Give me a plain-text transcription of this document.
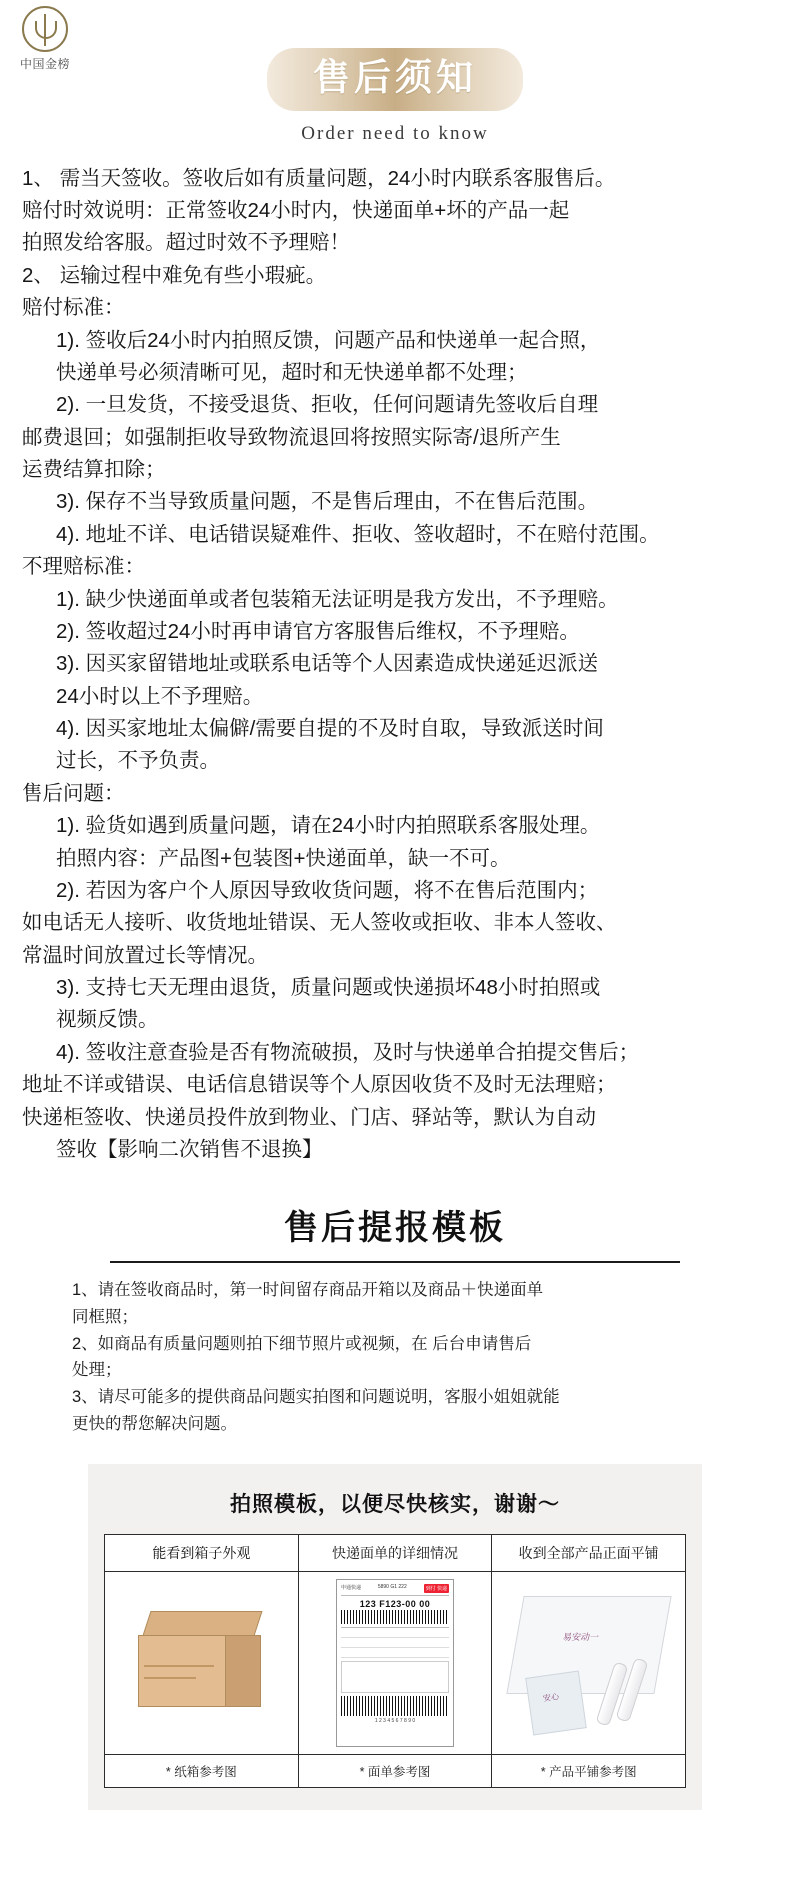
中国金榜	售后须知
Order need to know

1、 需当天签收。签收后如有质量问题，24小时内联系客服售后。

赔付时效说明：正常签收24小时内，快递面单+坏的产品一起

拍照发给客服。超过时效不予理赔！

2、 运输过程中难免有些小瑕疵。

赔付标准：

1). 签收后24小时内拍照反馈，问题产品和快递单一起合照，

快递单号必须清晰可见，超时和无快递单都不处理；

2). 一旦发货，不接受退货、拒收，任何问题请先签收后自理

邮费退回；如强制拒收导致物流退回将按照实际寄/退所产生

运费结算扣除；

3). 保存不当导致质量问题，不是售后理由，不在售后范围。

4). 地址不详、电话错误疑难件、拒收、签收超时，不在赔付范围。

不理赔标准：

1). 缺少快递面单或者包装箱无法证明是我方发出，不予理赔。

2). 签收超过24小时再申请官方客服售后维权，不予理赔。

3). 因买家留错地址或联系电话等个人因素造成快递延迟派送

24小时以上不予理赔。

4). 因买家地址太偏僻/需要自提的不及时自取，导致派送时间

过长，不予负责。

售后问题：

1). 验货如遇到质量问题，请在24小时内拍照联系客服处理。

拍照内容：产品图+包装图+快递面单，缺一不可。

2). 若因为客户个人原因导致收货问题，将不在售后范围内；

如电话无人接听、收货地址错误、无人签收或拒收、非本人签收、

常温时间放置过长等情况。

3). 支持七天无理由退货，质量问题或快递损坏48小时拍照或

视频反馈。

4). 签收注意查验是否有物流破损，及时与快递单合拍提交售后；

地址不详或错误、电话信息错误等个人原因收货不及时无法理赔；

快递柜签收、快递员投件放到物业、门店、驿站等，默认为自动

签收【影响二次销售不退换】

售后提报模板

1、请在签收商品时，第一时间留存商品开箱以及商品＋快递面单

同框照；

2、如商品有质量问题则拍下细节照片或视频，在 后台申请售后

处理；

3、请尽可能多的提供商品问题实拍图和问题说明，客服小姐姐就能

更快的帮您解决问题。

拍照模板，以便尽快核实，谢谢～
能看到箱子外观	快递面单的详细情况	收到全部产品正面平铺

申通快递	5890 G1 222	到付 快递
123 F123-00 00
1 2 3 4 5 6 7 8 9 0

易安动一
安心

* 纸箱参考图	* 面单参考图	* 产品平铺参考图
